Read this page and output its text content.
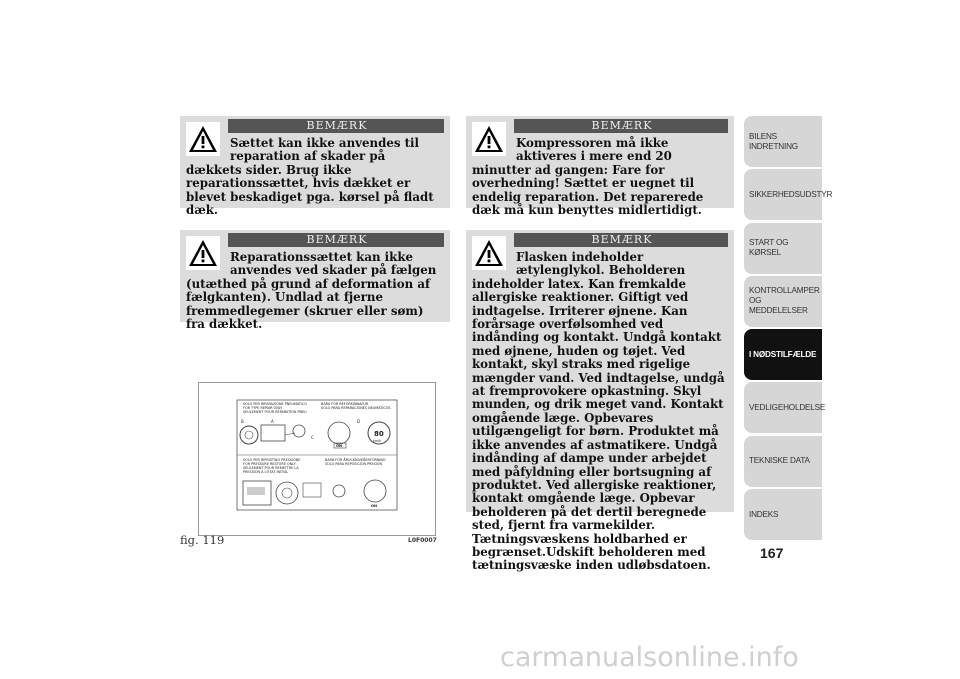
BEMÆRK
Sættet kan ikke anvendes til reparation af skader på dækkets sider. Brug ikke reparationssættet, hvis dækket er blevet beskadiget pga. kørsel på fladt dæk.
BEMÆRK
Reparationssættet kan ikke anvendes ved skader på fælgen (utæthed på grund af deformation af fælgkanten). Undlad at fjerne fremmedlegemer (skruer eller søm) fra dækket.
BEMÆRK
Kompressoren må ikke aktiveres i mere end 20 minutter ad gangen: Fare for overhedning! Sættet er uegnet til endelig reparation. Det reparerede dæk må kun benyttes midlertidigt.
BEMÆRK
Flasken indeholder ætylenglykol. Beholderen indeholder latex. Kan fremkalde allergiske reaktioner. Giftigt ved indtagelse. Irriterer øjnene. Kan forårsage overfølsomhed ved indånding og kontakt. Undgå kontakt med øjnene, huden og tøjet. Ved kontakt, skyl straks med rigelige mængder vand. Ved indtagelse, undgå at fremprovokere opkastning. Skyl munden, og drik meget vand. Kontakt omgående læge. Opbevares utilgængeligt for børn. Produktet må ikke anvendes af astmatikere. Undgå indånding af dampe under arbejdet med påfyldning eller bortsugning af produktet. Ved allergiske reaktioner, kontakt omgående læge. Opbevar beholderen på det dertil beregnede sted, fjernt fra varmekilder. Tætningsvæskens holdbarhed er begrænset.Udskift beholderen med tætningsvæske inden udløbsdatoen.
SOLO PER RIPARAZIONE PNEUMATICO
FOR TYPE REPAIR ONLY
SEULEMENT POUR RÉPARATION PNEU
BARA FÖR REFORKINNAFUR
SOLO PARA REPARACIONES NEUMÁTICOS
SOLO PER RIPRISTINO PRESSIONE
FOR PRESSURE RESTORE ONLY
SEULEMENT POUR REMETTRE LA
PRESSION À L'ÉTAT INITIAL
BARA FÖR ÅRUCKNIVEÅERFÖRNING
SOLO PARA REPOSICIÓN PRESIÓN
A
B
C
D
ON
80
km/h
ON
fig. 119	L0F0007
BILENS INDRETNING
SIKKERHEDSUDSTYR
START OG KØRSEL
KONTROLLAMPER OG MEDDELELSER
I NØDSTILFÆLDE
VEDLIGEHOLDELSE
TEKNISKE DATA
INDEKS
167
carmanualsonline.info
